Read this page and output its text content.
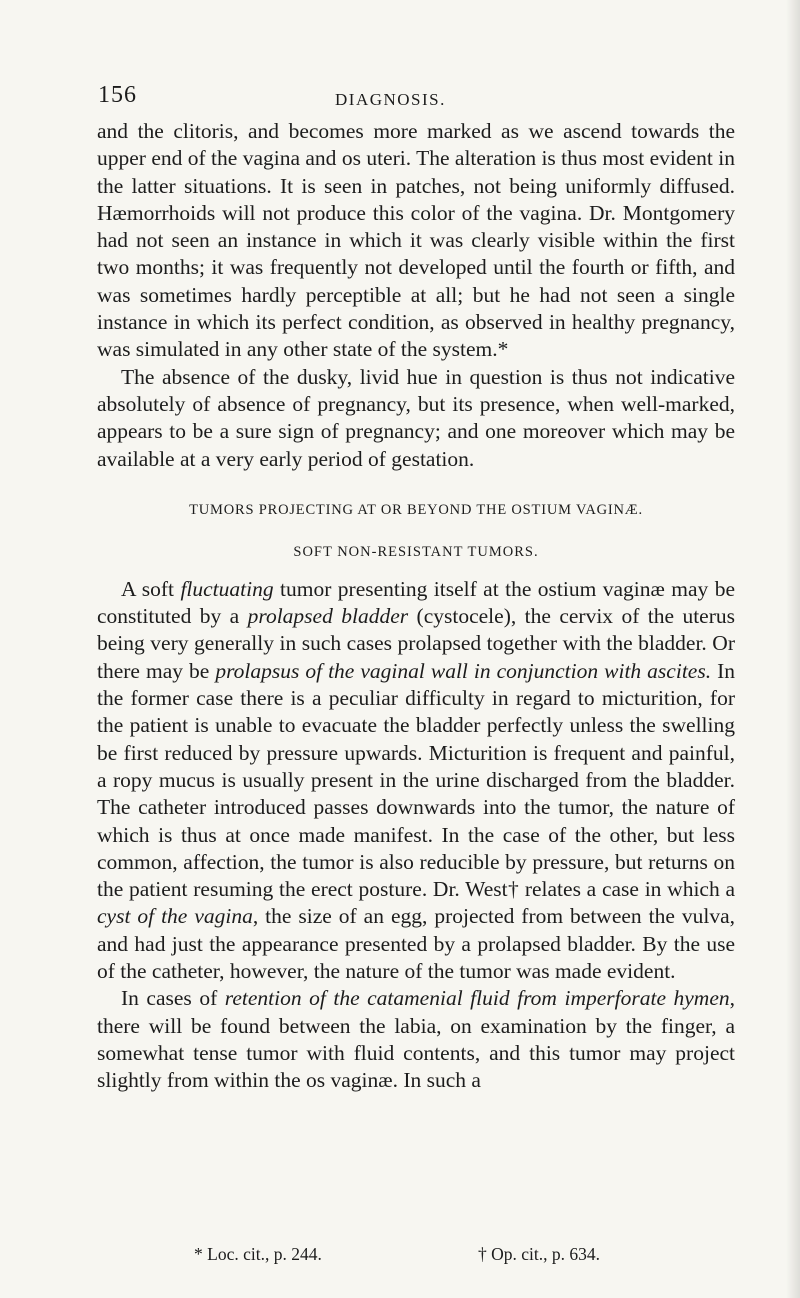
156	DIAGNOSIS.

and the clitoris, and becomes more marked as we ascend towards the upper end of the vagina and os uteri. The alteration is thus most evident in the latter situations. It is seen in patches, not being uniformly diffused. Hæmorrhoids will not produce this color of the vagina. Dr. Montgomery had not seen an instance in which it was clearly visible within the first two months; it was frequently not developed until the fourth or fifth, and was sometimes hardly perceptible at all; but he had not seen a single instance in which its perfect condition, as observed in healthy pregnancy, was simulated in any other state of the system.*

The absence of the dusky, livid hue in question is thus not indicative absolutely of absence of pregnancy, but its presence, when well-marked, appears to be a sure sign of pregnancy; and one moreover which may be available at a very early period of gestation.

TUMORS PROJECTING AT OR BEYOND THE OSTIUM VAGINÆ.
SOFT NON-RESISTANT TUMORS.

A soft fluctuating tumor presenting itself at the ostium vaginæ may be constituted by a prolapsed bladder (cystocele), the cervix of the uterus being very generally in such cases prolapsed together with the bladder. Or there may be prolapsus of the vaginal wall in conjunction with ascites. In the former case there is a peculiar difficulty in regard to micturition, for the patient is unable to evacuate the bladder perfectly unless the swelling be first reduced by pressure upwards. Micturition is frequent and painful, a ropy mucus is usually present in the urine discharged from the bladder. The catheter introduced passes downwards into the tumor, the nature of which is thus at once made manifest. In the case of the other, but less common, affection, the tumor is also reducible by pressure, but returns on the patient resuming the erect posture. Dr. West† relates a case in which a cyst of the vagina, the size of an egg, projected from between the vulva, and had just the appearance presented by a prolapsed bladder. By the use of the catheter, however, the nature of the tumor was made evident.

In cases of retention of the catamenial fluid from imperforate hymen, there will be found between the labia, on examination by the finger, a somewhat tense tumor with fluid contents, and this tumor may project slightly from within the os vaginæ. In such a

* Loc. cit., p. 244.	† Op. cit., p. 634.
